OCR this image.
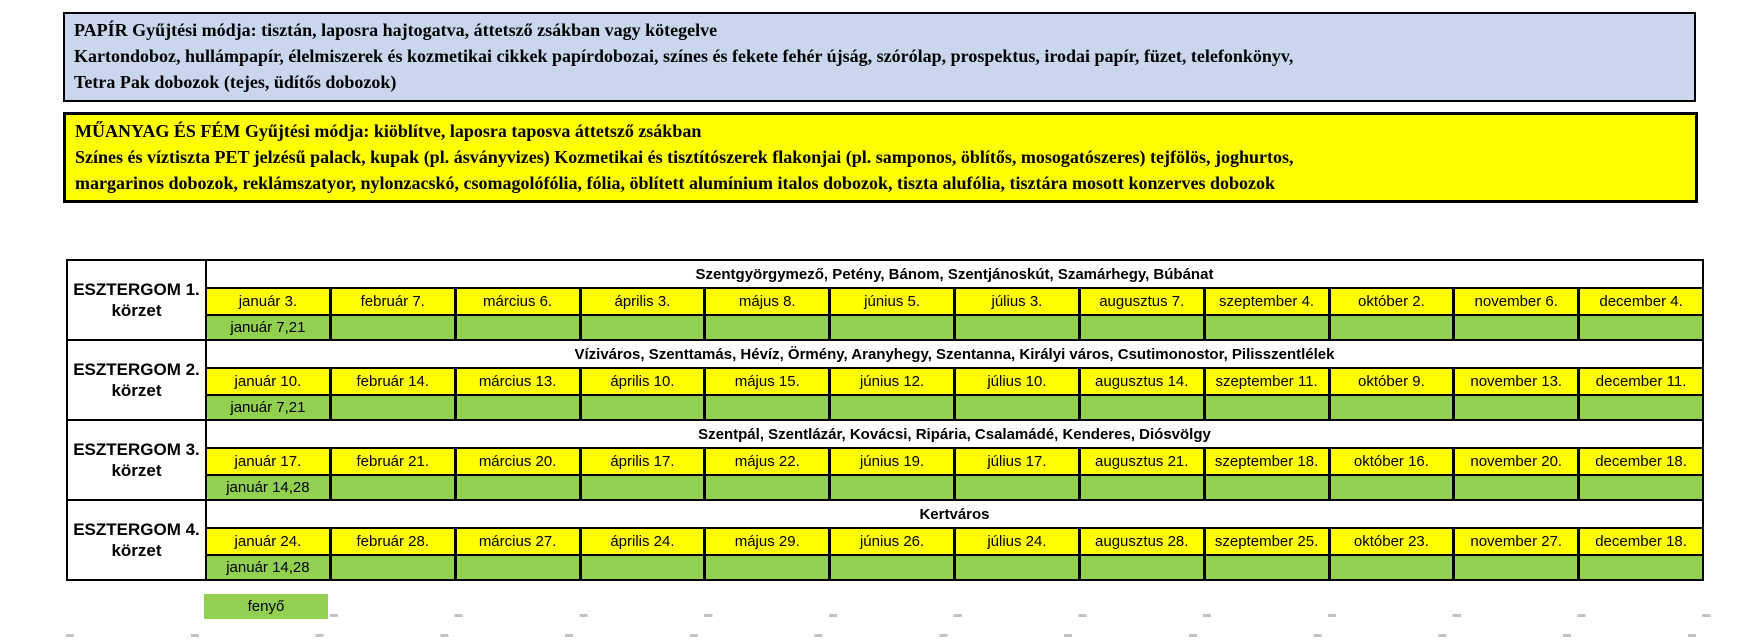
PAPÍR Gyűjtési módja: tisztán, laposra hajtogatva, áttetsző zsákban vagy kötegelve
Kartondoboz, hullámpapír, élelmiszerek és kozmetikai cikkek papírdobozai, színes és fekete fehér újság, szórólap, prospektus, irodai papír, füzet, telefonkönyv,
Tetra Pak dobozok (tejes, üdítős dobozok)
MŰANYAG ÉS FÉM Gyűjtési módja: kiöblítve, laposra taposva áttetsző zsákban
Színes és víztiszta PET jelzésű palack, kupak (pl. ásványvizes) Kozmetikai és tisztítószerek flakonjai (pl. samponos, öblítős, mosogatószeres) tejfölös, joghurtos,
margarinos dobozok, reklámszatyor, nylonzacskó, csomagolófólia, fólia, öblített alumínium italos dobozok, tiszta alufólia, tisztára mosott konzerves dobozok
ESZTERGOM 1.
körzet
Szentgyörgymező, Petény, Bánom, Szentjánoskút, Szamárhegy, Búbánat
január 3.	február 7.	március 6.	április 3.	május 8.	június 5.	július 3.	augusztus 7.	szeptember 4.	október 2.	november 6.	december 4.
január 7,21
ESZTERGOM 2.
körzet
Víziváros, Szenttamás, Hévíz, Örmény, Aranyhegy, Szentanna, Királyi város, Csutimonostor, Pilisszentlélek
január 10.	február 14.	március 13.	április 10.	május 15.	június 12.	július 10.	augusztus 14.	szeptember 11.	október 9.	november 13.	december 11.
január 7,21
ESZTERGOM 3.
körzet
Szentpál, Szentlázár, Kovácsi, Ripária, Csalamádé, Kenderes, Diósvölgy
január 17.	február 21.	március 20.	április 17.	május 22.	június 19.	július 17.	augusztus 21.	szeptember 18.	október 16.	november 20.	december 18.
január 14,28
ESZTERGOM 4.
körzet
Kertváros
január 24.	február 28.	március 27.	április 24.	május 29.	június 26.	július 24.	augusztus 28.	szeptember 25.	október 23.	november 27.	december 18.
január 14,28
fenyő
